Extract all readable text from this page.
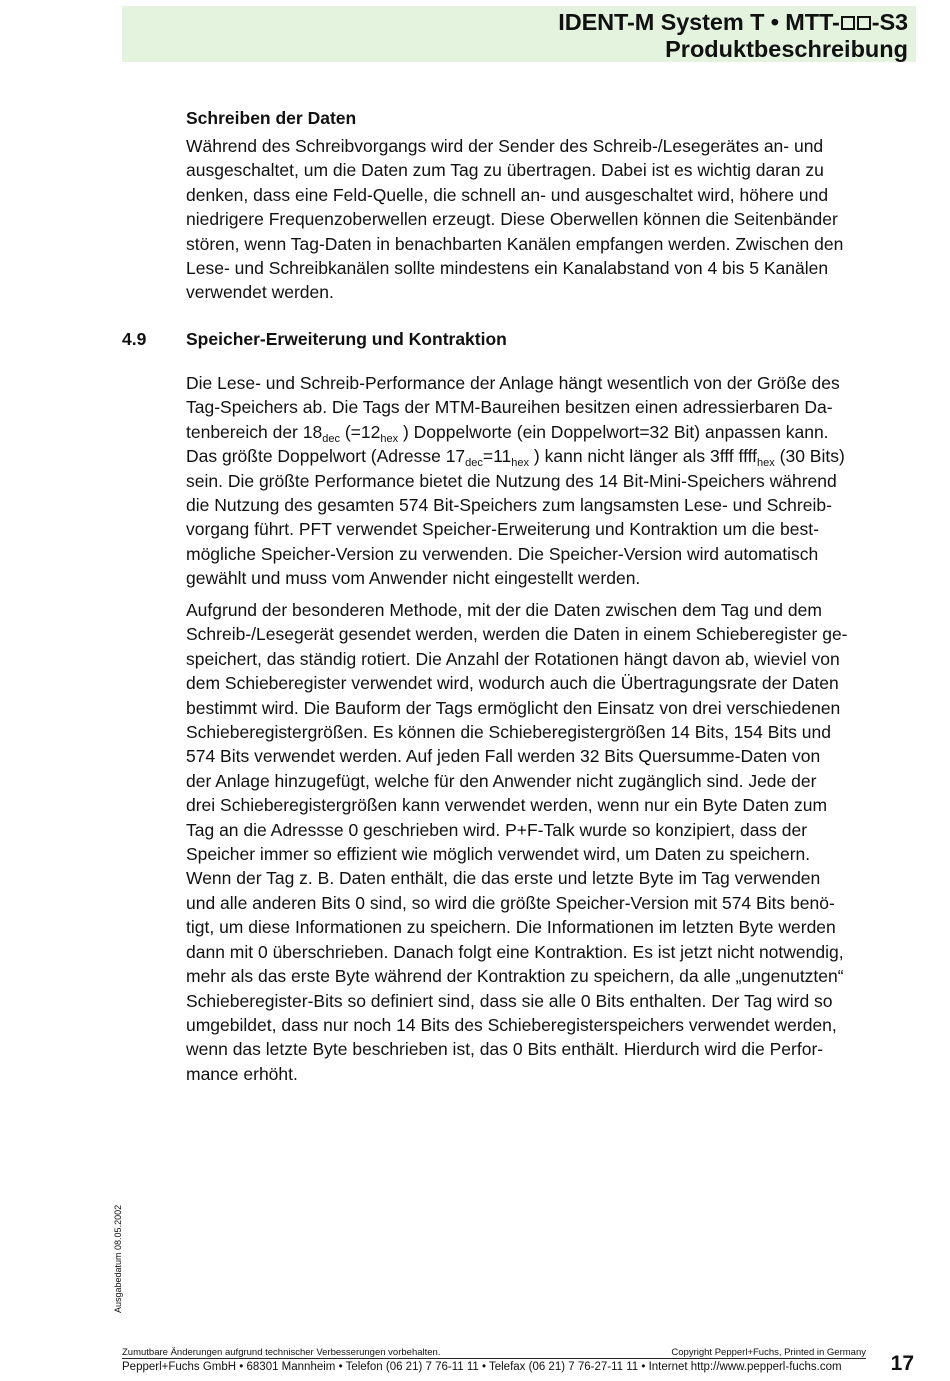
IDENT-M System T • MTT- -S3
Produktbeschreibung
Schreiben der Daten
Während des Schreibvorgangs wird der Sender des Schreib-/Lesegerätes an- und
ausgeschaltet, um die Daten zum Tag zu übertragen. Dabei ist es wichtig daran zu
denken, dass eine Feld-Quelle, die schnell an- und ausgeschaltet wird, höhere und
niedrigere Frequenzoberwellen erzeugt. Diese Oberwellen können die Seitenbänder
stören, wenn Tag-Daten in benachbarten Kanälen empfangen werden. Zwischen den
Lese- und Schreibkanälen sollte mindestens ein Kanalabstand von 4 bis 5 Kanälen
verwendet werden.
4.9 Speicher-Erweiterung und Kontraktion
Die Lese- und Schreib-Performance der Anlage hängt wesentlich von der Größe des
Tag-Speichers ab. Die Tags der MTM-Baureihen besitzen einen adressierbaren Da-
tenbereich der $18_{dec}$ ($=12_{hex}$ ) Doppelworte (ein Doppelwort=32 Bit) anpassen kann.
Das größte Doppelwort (Adresse $17_{dec}=11_{hex}$ ) kann nicht länger als 3fff ffff$_{hex}$ (30 Bits)
sein. Die größte Performance bietet die Nutzung des 14 Bit-Mini-Speichers während
die Nutzung des gesamten 574 Bit-Speichers zum langsamsten Lese- und Schreib-
vorgang führt. PFT verwendet Speicher-Erweiterung und Kontraktion um die best-
mögliche Speicher-Version zu verwenden. Die Speicher-Version wird automatisch
gewählt und muss vom Anwender nicht eingestellt werden.
Aufgrund der besonderen Methode, mit der die Daten zwischen dem Tag und dem
Schreib-/Lesegerät gesendet werden, werden die Daten in einem Schieberegister ge-
speichert, das ständig rotiert. Die Anzahl der Rotationen hängt davon ab, wieviel von
dem Schieberegister verwendet wird, wodurch auch die Übertragungsrate der Daten
bestimmt wird. Die Bauform der Tags ermöglicht den Einsatz von drei verschiedenen
Schieberegistergrößen. Es können die Schieberegistergrößen 14 Bits, 154 Bits und
574 Bits verwendet werden. Auf jeden Fall werden 32 Bits Quersumme-Daten von
der Anlage hinzugefügt, welche für den Anwender nicht zugänglich sind. Jede der
drei Schieberegistergrößen kann verwendet werden, wenn nur ein Byte Daten zum
Tag an die Adressse 0 geschrieben wird. P+F-Talk wurde so konzipiert, dass der
Speicher immer so effizient wie möglich verwendet wird, um Daten zu speichern.
Wenn der Tag z. B. Daten enthält, die das erste und letzte Byte im Tag verwenden
und alle anderen Bits 0 sind, so wird die größte Speicher-Version mit 574 Bits benö-
tigt, um diese Informationen zu speichern. Die Informationen im letzten Byte werden
dann mit 0 überschrieben. Danach folgt eine Kontraktion. Es ist jetzt nicht notwendig,
mehr als das erste Byte während der Kontraktion zu speichern, da alle „ungenutzten“
Schieberegister-Bits so definiert sind, dass sie alle 0 Bits enthalten. Der Tag wird so
umgebildet, dass nur noch 14 Bits des Schieberegisterspeichers verwendet werden,
wenn das letzte Byte beschrieben ist, das 0 Bits enthält. Hierdurch wird die Perfor-
mance erhöht.
Ausgabedatum 08.05.2002
Zumutbare Änderungen aufgrund technischer Verbesserungen vorbehalten.	Copyright Pepperl+Fuchs, Printed in Germany
Pepperl+Fuchs GmbH • 68301 Mannheim • Telefon (06 21) 7 76-11 11 • Telefax (06 21) 7 76-27-11 11 • Internet http://www.pepperl-fuchs.com 17
